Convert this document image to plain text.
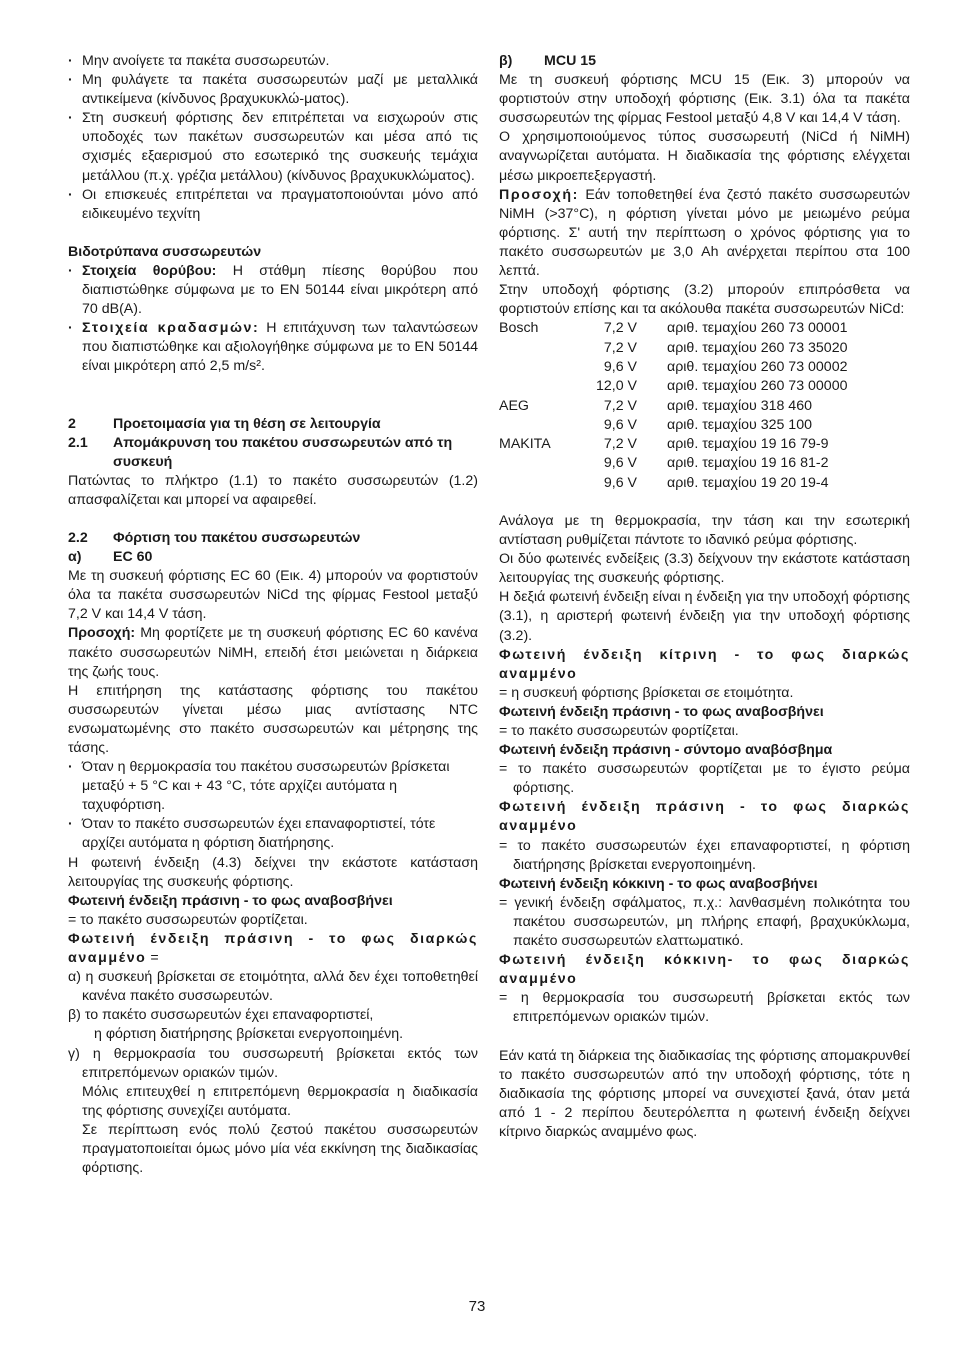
· Μην ανοίγετε τα πακέτα συσσωρευτών.
· Μη φυλάγετε τα πακέτα συσσωρευτών μαζί με μεταλλικά αντικείμενα (κίνδυνος βραχυκυκλώ-ματος).
· Στη συσκευή φόρτισης δεν επιτρέπεται να εισχωρούν στις υποδοχές των πακέτων συσσωρευτών και μέσα από τις σχισμές εξαερισμού στο εσωτερικό της συσκευής τεμάχια μετάλλου (π.χ. γρέζια μετάλλου) (κίνδυνος βραχυκυκλώματος).
· Οι επισκευές επιτρέπεται να πραγματοποιούνται μόνο από ειδικευμένο τεχνίτη

Βιδοτρύπανα συσσωρευτών

· Στοιχεία θορύβου: Η στάθμη πίεσης θορύβου που διαπιστώθηκε σύμφωνα με το EN 50144 είναι μικρότερη από 70 dB(A).
· Στοιχεία κραδασμών: Η επιτάχυνση των ταλαντώσεων που διαπιστώθηκε και αξιολογήθηκε σύμφωνα με το EN 50144 είναι μικρότερη από 2,5 m/s².
2	Προετοιμασία για τη θέση σε λειτουργία
2.1	Απομάκρυνση του πακέτου συσσωρευτών από τη συσκευή

Πατώντας το πλήκτρο (1.1) το πακέτο συσσωρευτών (1.2) απασφαλίζεται και μπορεί να αφαιρεθεί.

2.2	Φόρτιση του πακέτου συσσωρευτών
α)	EC 60

Με τη συσκευή φόρτισης EC 60 (Εικ. 4) μπορούν να φορτιστούν όλα τα πακέτα συσσωρευτών NiCd της φίρμας Festool μεταξύ 7,2 V και 14,4 V τάση.

Προσοχή: Μη φορτίζετε με τη συσκευή φόρτισης EC 60 κανένα πακέτο συσσωρευτών NiMH, επειδή έτσι μειώνεται η διάρκεια της ζωής τους.

Η επιτήρηση της κατάστασης φόρτισης του πακέτου συσσωρευτών γίνεται μέσω μιας αντίστασης NTC ενσωματωμένης στο πακέτο συσσωρευτών και μέτρησης της τάσης.

· Όταν η θερμοκρασία του πακέτου συσσωρευτών βρίσκεται μεταξύ + 5 °C και + 43 °C, τότε αρχίζει αυτόματα η ταχυφόρτιση.
· Όταν το πακέτο συσσωρευτών έχει επαναφορτιστεί, τότε αρχίζει αυτόματα η φόρτιση διατήρησης.

Η φωτεινή ένδειξη (4.3) δείχνει την εκάστοτε κατάσταση λειτουργίας της συσκευής φόρτισης.

Φωτεινή ένδειξη πράσινη - το φως αναβοσβήνει

= το πακέτο συσσωρευτών φορτίζεται.

Φωτεινή ένδειξη πράσινη - το φως διαρκώς αναμμένο =

α) η συσκευή βρίσκεται σε ετοιμότητα, αλλά δεν έχει τοποθετηθεί κανένα πακέτο συσσωρευτών.

β) το πακέτο συσσωρευτών έχει επαναφορτιστεί,

η φόρτιση διατήρησης βρίσκεται ενεργοποιημένη.

γ) η θερμοκρασία του συσσωρευτή βρίσκεται εκτός των επιτρεπόμενων οριακών τιμών.

Μόλις επιτευχθεί η επιτρεπόμενη θερμοκρασία η διαδικασία της φόρτισης συνεχίζει αυτόματα.

Σε περίπτωση ενός πολύ ζεστού πακέτου συσσωρευτών πραγματοποιείται όμως μόνο μία νέα εκκίνηση της διαδικασίας φόρτισης.

β)	MCU 15

Με τη συσκευή φόρτισης MCU 15 (Εικ. 3) μπορούν να φορτιστούν στην υποδοχή φόρτισης (Εικ. 3.1) όλα τα πακέτα συσσωρευτών της φίρμας Festool μεταξύ 4,8 V και 14,4 V τάση.

Ο χρησιμοποιούμενος τύπος συσσωρευτή (NiCd ή NiMH) αναγνωρίζεται αυτόματα. Η διαδικασία της φόρτισης ελέγχεται μέσω μικροεπεξεργαστή.

Προσοχή: Εάν τοποθετηθεί ένα ζεστό πακέτο συσσωρευτών NiMH (>37°C), η φόρτιση γίνεται μόνο με μειωμένο ρεύμα φόρτισης. Σ' αυτή την περίπτωση ο χρόνος φόρτισης για το πακέτο συσσωρευτών με 3,0 Ah ανέρχεται περίπου στα 100 λεπτά.

Στην υποδοχή φόρτισης (3.2) μπορούν επιπρόσθετα να φορτιστούν επίσης και τα ακόλουθα πακέτα συσσωρευτών NiCd:

Bosch	7,2 V	αριθ. τεμαχίου 260 73 00001
	7,2 V	αριθ. τεμαχίου 260 73 35020
	9,6 V	αριθ. τεμαχίου 260 73 00002
	12,0 V	αριθ. τεμαχίου 260 73 00000
AEG	7,2 V	αριθ. τεμαχίου 318 460
	9,6 V	αριθ. τεμαχίου 325 100
MAKITA	7,2 V	αριθ. τεμαχίου 19 16 79-9
	9,6 V	αριθ. τεμαχίου 19 16 81-2
	9,6 V	αριθ. τεμαχίου 19 20 19-4

Ανάλογα με τη θερμοκρασία, την τάση και την εσωτερική αντίσταση ρυθμίζεται πάντοτε το ιδανικό ρεύμα φόρτισης.

Οι δύο φωτεινές ενδείξεις (3.3) δείχνουν την εκάστοτε κατάσταση λειτουργίας της συσκευής φόρτισης.

Η δεξιά φωτεινή ένδειξη είναι η ένδειξη για την υποδοχή φόρτισης (3.1), η αριστερή φωτεινή ένδειξη για την υποδοχή φόρτισης (3.2).

Φωτεινή ένδειξη κίτρινη - το φως διαρκώς αναμμένο

= η συσκευή φόρτισης βρίσκεται σε ετοιμότητα.

Φωτεινή ένδειξη πράσινη - το φως αναβοσβήνει

= το πακέτο συσσωρευτών φορτίζεται.

Φωτεινή ένδειξη πράσινη - σύντομο αναβόσβημα

= το πακέτο συσσωρευτών φορτίζεται με το έγιστο ρεύμα φόρτισης.

Φωτεινή ένδειξη πράσινη - το φως διαρκώς αναμμένο

= το πακέτο συσσωρευτών έχει επαναφορτιστεί, η φόρτιση διατήρησης βρίσκεται ενεργοποιημένη.

Φωτεινή ένδειξη κόκκινη - το φως αναβοσβήνει

= γενική ένδειξη σφάλματος, π.χ.: λανθασμένη πολικότητα του πακέτου συσσωρευτών, μη πλήρης επαφή, βραχυκύκλωμα, πακέτο συσσωρευτών ελαττωματικό.

Φωτεινή ένδειξη κόκκινη- το φως διαρκώς αναμμένο

= η θερμοκρασία του συσσωρευτή βρίσκεται εκτός των επιτρεπόμενων οριακών τιμών.

Εάν κατά τη διάρκεια της διαδικασίας της φόρτισης απομακρυνθεί το πακέτο συσσωρευτών από την υποδοχή φόρτισης, τότε η διαδικασία της φόρτισης μπορεί να συνεχιστεί ξανά, όταν μετά από 1 - 2 περίπου δευτερόλεπτα η φωτεινή ένδειξη δείχνει κίτρινο διαρκώς αναμμένο φως.

73
